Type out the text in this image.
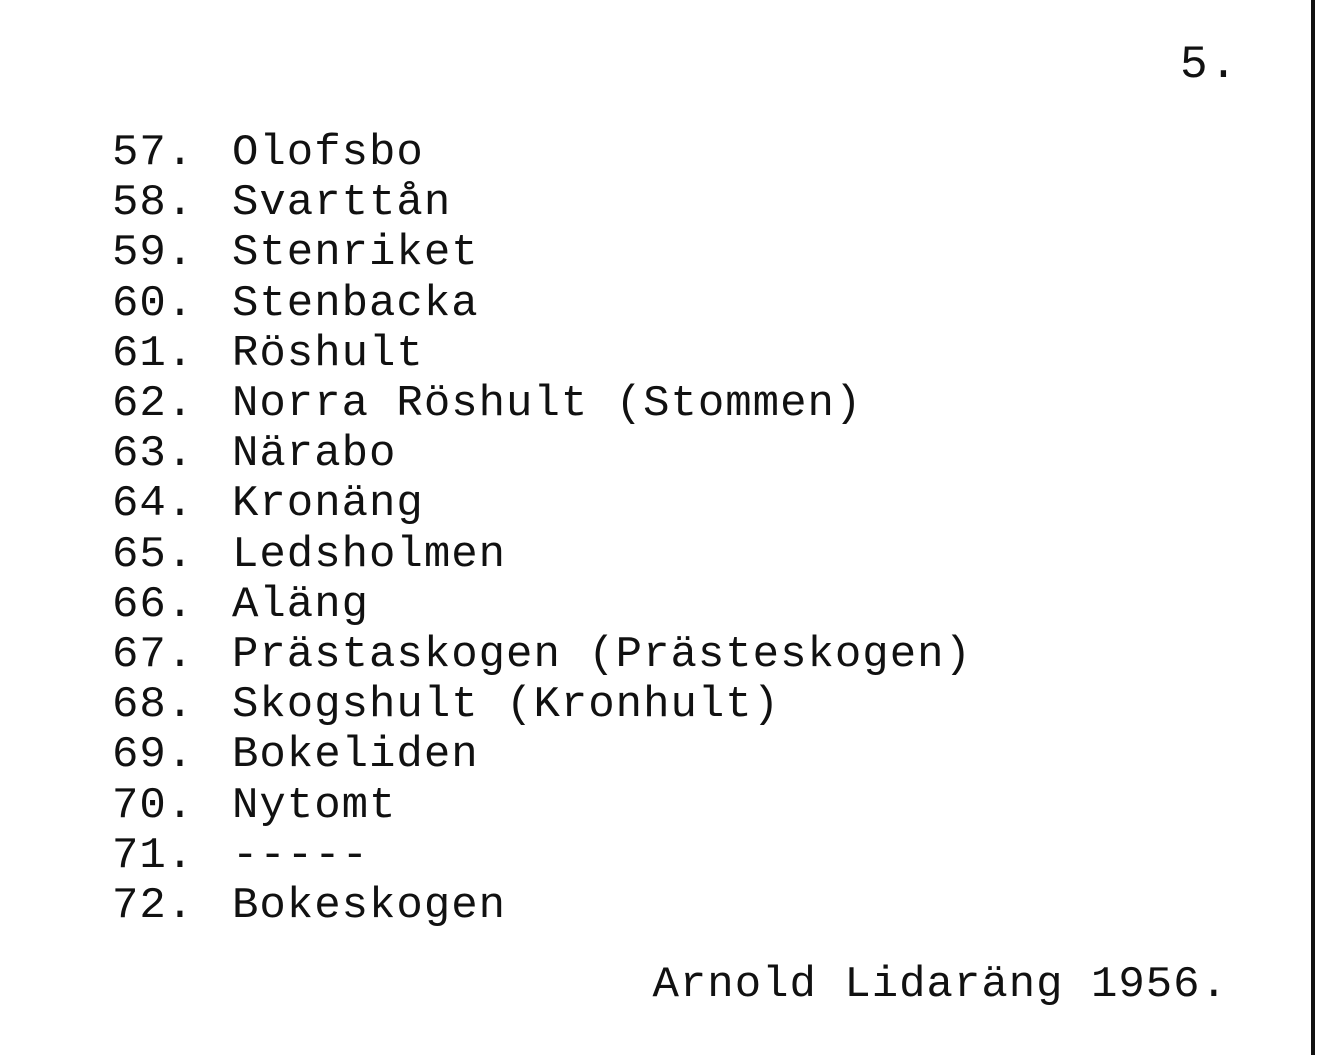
5.
57. Olofsbo
58. Svarttån
59. Stenriket
60. Stenbacka
61. Röshult
62. Norra Röshult (Stommen)
63. Närabo
64. Kronäng
65. Ledsholmen
66. Aläng
67. Prästaskogen (Prästeskogen)
68. Skogshult (Kronhult)
69. Bokeliden
70. Nytomt
71. -----
72. Bokeskogen
Arnold Lidaräng 1956.
